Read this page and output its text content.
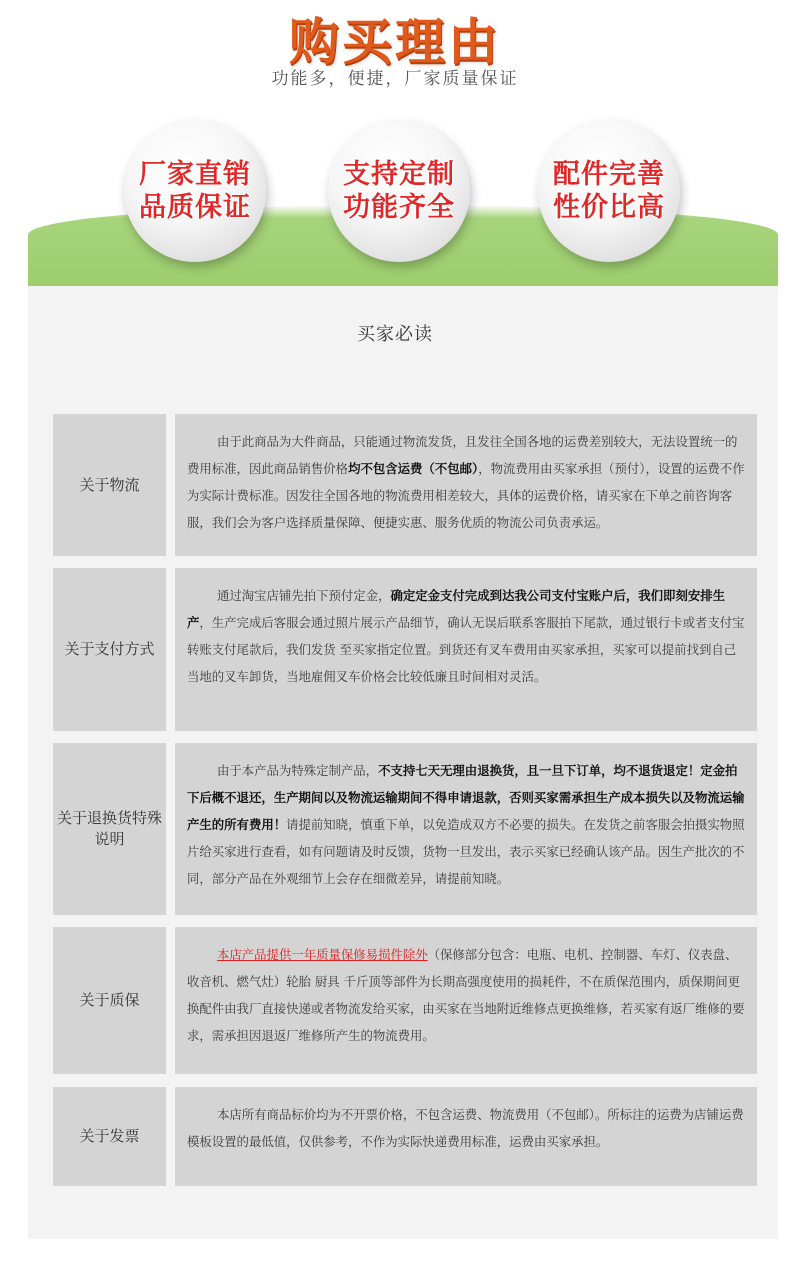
购买理由
功能多，便捷，厂家质量保证
厂家直销
品质保证
支持定制
功能齐全
配件完善
性价比高
买家必读
关于物流
由于此商品为大件商品，只能通过物流发货，且发往全国各地的运费差别较大，无法设置统一的费用标准，因此商品销售价格均不包含运费（不包邮），物流费用由买家承担（预付），设置的运费不作为实际计费标准。因发往全国各地的物流费用相差较大，具体的运费价格，请买家在下单之前咨询客服，我们会为客户选择质量保障、便捷实惠、服务优质的物流公司负责承运。
关于支付方式
通过淘宝店铺先拍下预付定金，确定定金支付完成到达我公司支付宝账户后，我们即刻安排生产，生产完成后客服会通过照片展示产品细节，确认无误后联系客服拍下尾款，通过银行卡或者支付宝转账支付尾款后，我们发货 至买家指定位置。到货还有叉车费用由买家承担，买家可以提前找到自己当地的叉车卸货，当地雇佣叉车价格会比较低廉且时间相对灵活。
关于退换货特殊说明
由于本产品为特殊定制产品，不支持七天无理由退换货，且一旦下订单，均不退货退定！定金拍下后概不退还，生产期间以及物流运输期间不得申请退款，否则买家需承担生产成本损失以及物流运输产生的所有费用！请提前知晓，慎重下单，以免造成双方不必要的损失。在发货之前客服会拍摄实物照片给买家进行查看，如有问题请及时反馈，货物一旦发出，表示买家已经确认该产品。因生产批次的不同，部分产品在外观细节上会存在细微差异，请提前知晓。
关于质保
本店产品提供一年质量保修易损件除外（保修部分包含：电瓶、电机、控制器、车灯、仪表盘、收音机、燃气灶）轮胎 厨具 千斤顶等部件为长期高强度使用的损耗件，不在质保范围内，质保期间更换配件由我厂直接快递或者物流发给买家，由买家在当地附近维修点更换维修，若买家有返厂维修的要求，需承担因退返厂维修所产生的物流费用。
关于发票
本店所有商品标价均为不开票价格，不包含运费、物流费用（不包邮）。所标注的运费为店铺运费模板设置的最低值，仅供参考，不作为实际快递费用标准，运费由买家承担。
